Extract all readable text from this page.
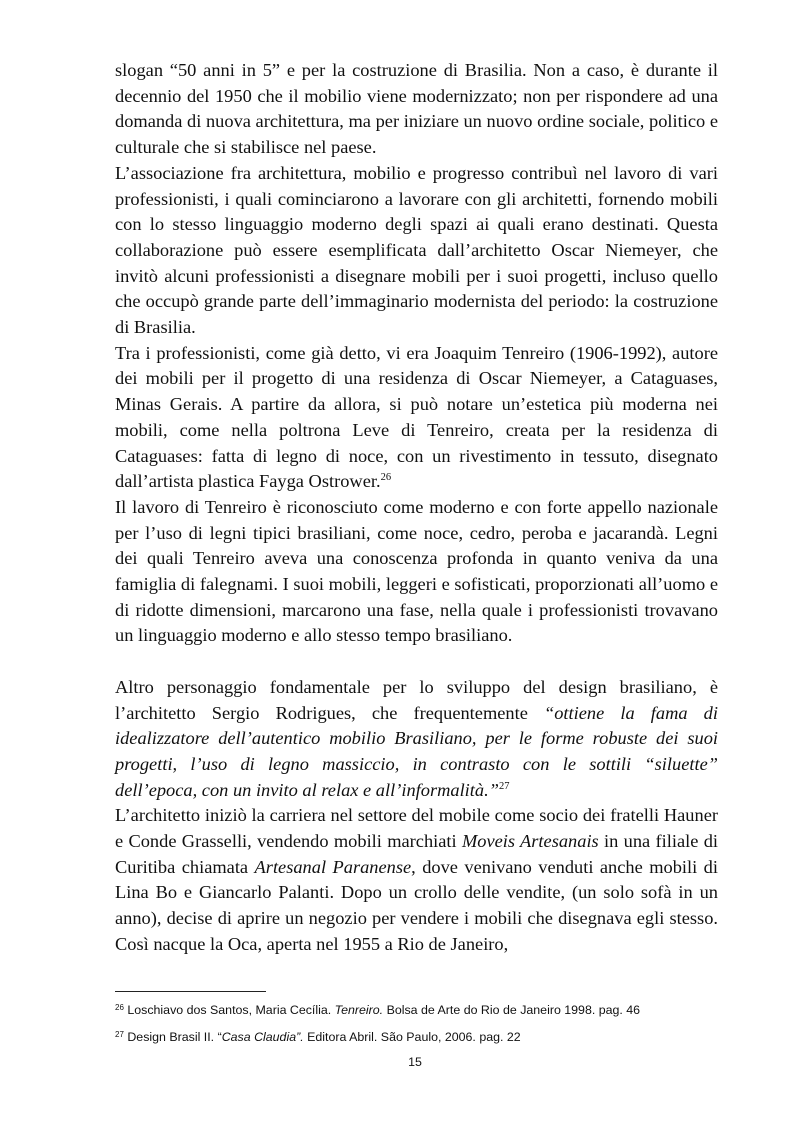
slogan “50 anni in 5” e per la costruzione di Brasilia. Non a caso, è durante il decennio del 1950 che il mobilio viene modernizzato; non per rispondere ad una domanda di nuova architettura, ma per iniziare un nuovo ordine sociale, politico e culturale che si stabilisce nel paese.

L’associazione fra architettura, mobilio e progresso contribuì nel lavoro di vari professionisti, i quali cominciarono a lavorare con gli architetti, fornendo mobili con lo stesso linguaggio moderno degli spazi ai quali erano destinati. Questa collaborazione può essere esemplificata dall’architetto Oscar Niemeyer, che invitò alcuni professionisti a disegnare mobili per i suoi progetti, incluso quello che occupò grande parte dell’immaginario modernista del periodo: la costruzione di Brasilia.

Tra i professionisti, come già detto, vi era Joaquim Tenreiro (1906-1992), autore dei mobili per il progetto di una residenza di Oscar Niemeyer, a Cataguases, Minas Gerais. A partire da allora, si può notare un’estetica più moderna nei mobili, come nella poltrona Leve di Tenreiro, creata per la residenza di Cataguases: fatta di legno di noce, con un rivestimento in tessuto, disegnato dall’artista plastica Fayga Ostrower.$^{26}$

Il lavoro di Tenreiro è riconosciuto come moderno e con forte appello nazionale per l’uso di legni tipici brasiliani, come noce, cedro, peroba e jacarandà. Legni dei quali Tenreiro aveva una conoscenza profonda in quanto veniva da una famiglia di falegnami. I suoi mobili, leggeri e sofisticati, proporzionati all’uomo e di ridotte dimensioni, marcarono una fase, nella quale i professionisti trovavano un linguaggio moderno e allo stesso tempo brasiliano.

Altro personaggio fondamentale per lo sviluppo del design brasiliano, è l’architetto Sergio Rodrigues, che frequentemente “ottiene la fama di idealizzatore dell’autentico mobilio Brasiliano, per le forme robuste dei suoi progetti, l’uso di legno massiccio, in contrasto con le sottili “siluette” dell’epoca, con un invito al relax e all’informalità.”$^{27}$

L’architetto iniziò la carriera nel settore del mobile come socio dei fratelli Hauner e Conde Grasselli, vendendo mobili marchiati Moveis Artesanais in una filiale di Curitiba chiamata Artesanal Paranense, dove venivano venduti anche mobili di Lina Bo e Giancarlo Palanti. Dopo un crollo delle vendite, (un solo sofà in un anno), decise di aprire un negozio per vendere i mobili che disegnava egli stesso. Così nacque la Oca, aperta nel 1955 a Rio de Janeiro,

$^{26}$ Loschiavo dos Santos, Maria Cecília. Tenreiro. Bolsa de Arte do Rio de Janeiro 1998. pag. 46

$^{27}$ Design Brasil II. “Casa Claudia”. Editora Abril. São Paulo, 2006. pag. 22

15
